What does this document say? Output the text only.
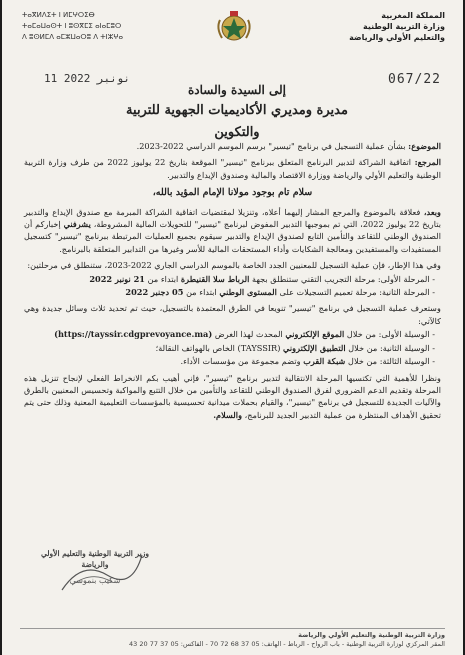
المملكة المغربية
وزارة التربية الوطنية
والتعليم الأولي والرياضة
ⵜⴰⴳⵍⴷⵉⵜ ⵏ ⵍⵎⵖⵔⵉⴱ
ⵜⴰⵎⴰⵡⴰⵙⵜ ⵏ ⵓⵙⴳⵎⵉ ⴰⵏⴰⵎⵓⵔ
ⴷ ⵓⵙⵍⵎⴷ ⴰⵎⵣⵡⴰⵔⵓ ⴷ ⵜⵏⵣⵖⴰ
11 نونبر 2022	067/22
إلى السيدة والسادة
مديرة ومديري الأكاديميات الجهوية للتربية والتكوين

الموضوع: بشأن عملية التسجيل في برنامج "تيسير" برسم الموسم الدراسي 2022-2023.

المرجع: اتفاقية الشراكة لتدبير البرنامج المتعلق ببرنامج "تيسير" الموقعة بتاريخ 22 يوليوز 2022 من طرف وزارة التربية الوطنية والتعليم الأولي والرياضة ووزارة الاقتصاد والمالية وصندوق الإيداع والتدبير.

سلام تام بوجود مولانا الإمام المؤيد بالله،

وبعد، فعلاقة بالموضوع والمرجع المشار إليهما أعلاه، وتنزيلا لمقتضيات اتفاقية الشراكة المبرمة مع صندوق الإيداع والتدبير بتاريخ 22 يوليوز 2022، التي تم بموجبها التدبير المفوض لبرنامج "تيسير" للتحويلات المالية المشروطة، يشرفني إخباركم أن الصندوق الوطني للتقاعد والتأمين التابع لصندوق الإيداع والتدبير سيقوم بجميع العمليات المرتبطة ببرنامج "تيسير" كتسجيل المستفيدات والمستفيدين ومعالجة الشكايات وأداء المستحقات المالية للأسر وغيرها من التدابير المتعلقة بالبرنامج.

وفي هذا الإطار، فإن عملية التسجيل للمعنيين الجدد الخاصة بالموسم الدراسي الجاري 2022-2023، ستنطلق في مرحلتين:

- المرحلة الأولى: مرحلة التجريب التقني ستنطلق بجهة الرباط سلا القنيطرة ابتداء من 21 نونبر 2022

- المرحلة الثانية: مرحلة تعميم التسجيلات على المستوى الوطني ابتداء من 05 دجنبر 2022

وستعرف عملية التسجيل في برنامج "تيسير" تنويعا في الطرق المعتمدة بالتسجيل، حيث تم تحديد ثلاث وسائل جديدة وهي كالآتي:

- الوسيلة الأولى: من خلال الموقع الإلكتروني المحدث لهذا الغرض (https://tayssir.cdgprevoyance.ma)

- الوسيلة الثانية: من خلال التطبيق الإلكتروني (TAYSSIR) الخاص بالهواتف النقالة؛

- الوسيلة الثالثة: من خلال شبكة القرب وتضم مجموعة من مؤسسات الأداء.

ونظرا للأهمية التي تكتسيها المرحلة الانتقالية لتدبير برنامج "تيسير"، فإني أهيب بكم الانخراط الفعلي لإنجاح تنزيل هذه المرحلة وتقديم الدعم الضروري لفرق الصندوق الوطني للتقاعد والتأمين من خلال التتبع والمواكبة وتحسيس المعنيين بالطرق والآليات الجديدة للتسجيل في برنامج "تيسير"، والقيام بحملات ميدانية تحسيسية بالمؤسسات التعليمية المعنية وذلك حتى يتم تحقيق الأهداف المنتظرة من عملية التدبير الجديد للبرنامج، والسلام.

وزير التربية الوطنية والتعليم الأولي
والرياضة
شكيب بنموسى
وزارة التربية الوطنية والتعليم الأولي والرياضة
المقر المركزي لوزارة التربية الوطنية - باب الرواح - الرباط - الهاتف: 05 37 68 72 70 - الفاكس: 05 37 77 20 43
